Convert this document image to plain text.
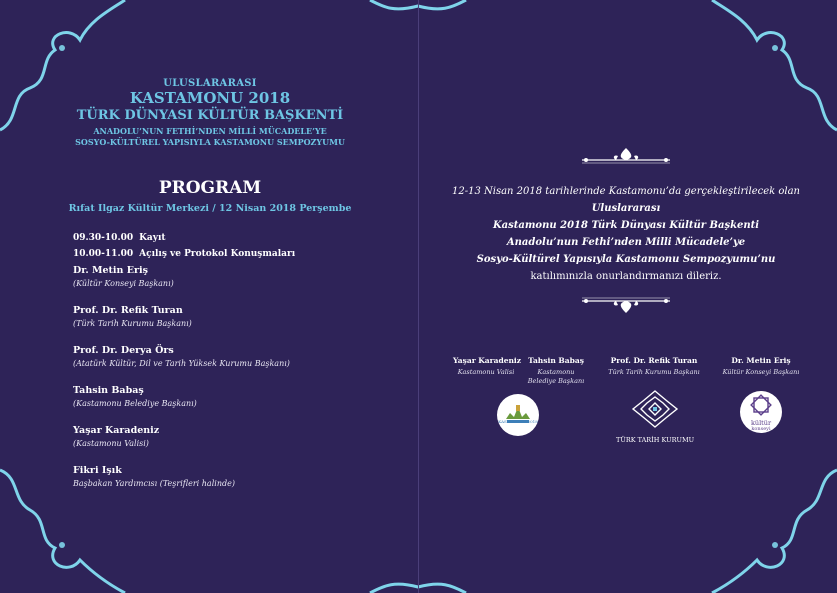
ULUSLARARASI
KASTAMONU 2018
TÜRK DÜNYASI KÜLTÜR BAŞKENTİ
ANADOLU’NUN FETHİ’NDEN MİLLİ MÜCADELE’YE
SOSYO-KÜLTÜREL YAPISIYLA KASTAMONU SEMPOZYUMU
PROGRAM
Rıfat Ilgaz Kültür Merkezi / 12 Nisan 2018 Perşembe
09.30-10.00 Kayıt
10.00-11.00 Açılış ve Protokol Konuşmaları
Dr. Metin Eriş
(Kültür Konseyi Başkanı)
Prof. Dr. Refik Turan
(Türk Tarih Kurumu Başkanı)
Prof. Dr. Derya Örs
(Atatürk Kültür, Dil ve Tarih Yüksek Kurumu Başkanı)
Tahsin Babaş
(Kastamonu Belediye Başkanı)
Yaşar Karadeniz
(Kastamonu Valisi)
Fikri Işık
Başbakan Yardımcısı (Teşrifleri halinde)
12-13 Nisan 2018 tarihlerinde Kastamonu’da gerçekleştirilecek olan
Uluslararası
Kastamonu 2018 Türk Dünyası Kültür Başkenti
Anadolu’nun Fethi’nden Milli Mücadele’ye
Sosyo-Kültürel Yapısıyla Kastamonu Sempozyumu’nu
katılımınızla onurlandırmanızı dileriz.
Yaşar Karadeniz
Kastamonu Valisi
Tahsin Babaş
Kastamonu Belediye Başkanı
Prof. Dr. Refik Turan
Türk Tarih Kurumu Başkanı
Dr. Metin Eriş
Kültür Konseyi Başkanı
KASTAMONU 2018
TÜRK TARİH KURUMU
kültür
konseyi
